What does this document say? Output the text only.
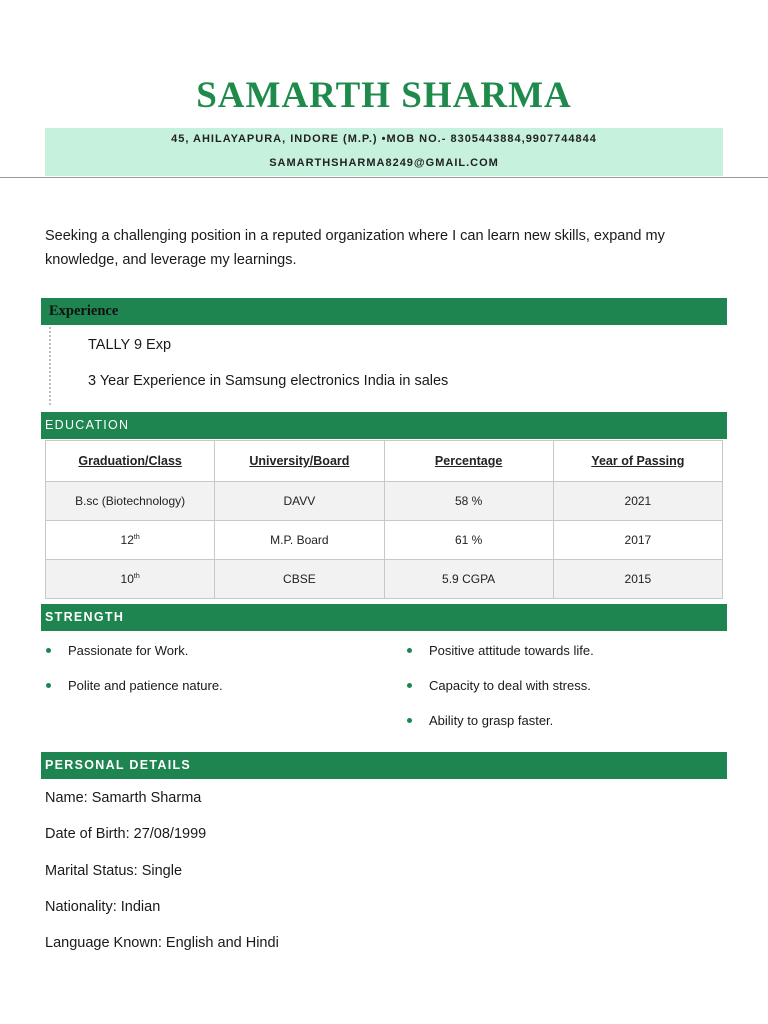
SAMARTH SHARMA
45, AHILAYAPURA, INDORE (M.P.) •MOB NO.- 8305443884,9907744844
SAMARTHSHARMA8249@GMAIL.COM
Seeking a challenging position in a reputed organization where I can learn new skills, expand my knowledge, and leverage my learnings.
Experience
TALLY 9 Exp
3 Year Experience in Samsung electronics India in sales
EDUCATION
Graduation/Class	University/Board	Percentage	Year of Passing
B.sc (Biotechnology)	DAVV	58 %	2021
12th	M.P. Board	61 %	2017
10th	CBSE	5.9 CGPA	2015
STRENGTH
Passionate for Work.
Polite and patience nature.
Positive attitude towards life.
Capacity to deal with stress.
Ability to grasp faster.
PERSONAL DETAILS
Name: Samarth Sharma
Date of Birth: 27/08/1999
Marital Status: Single
Nationality: Indian
Language Known: English and Hindi
